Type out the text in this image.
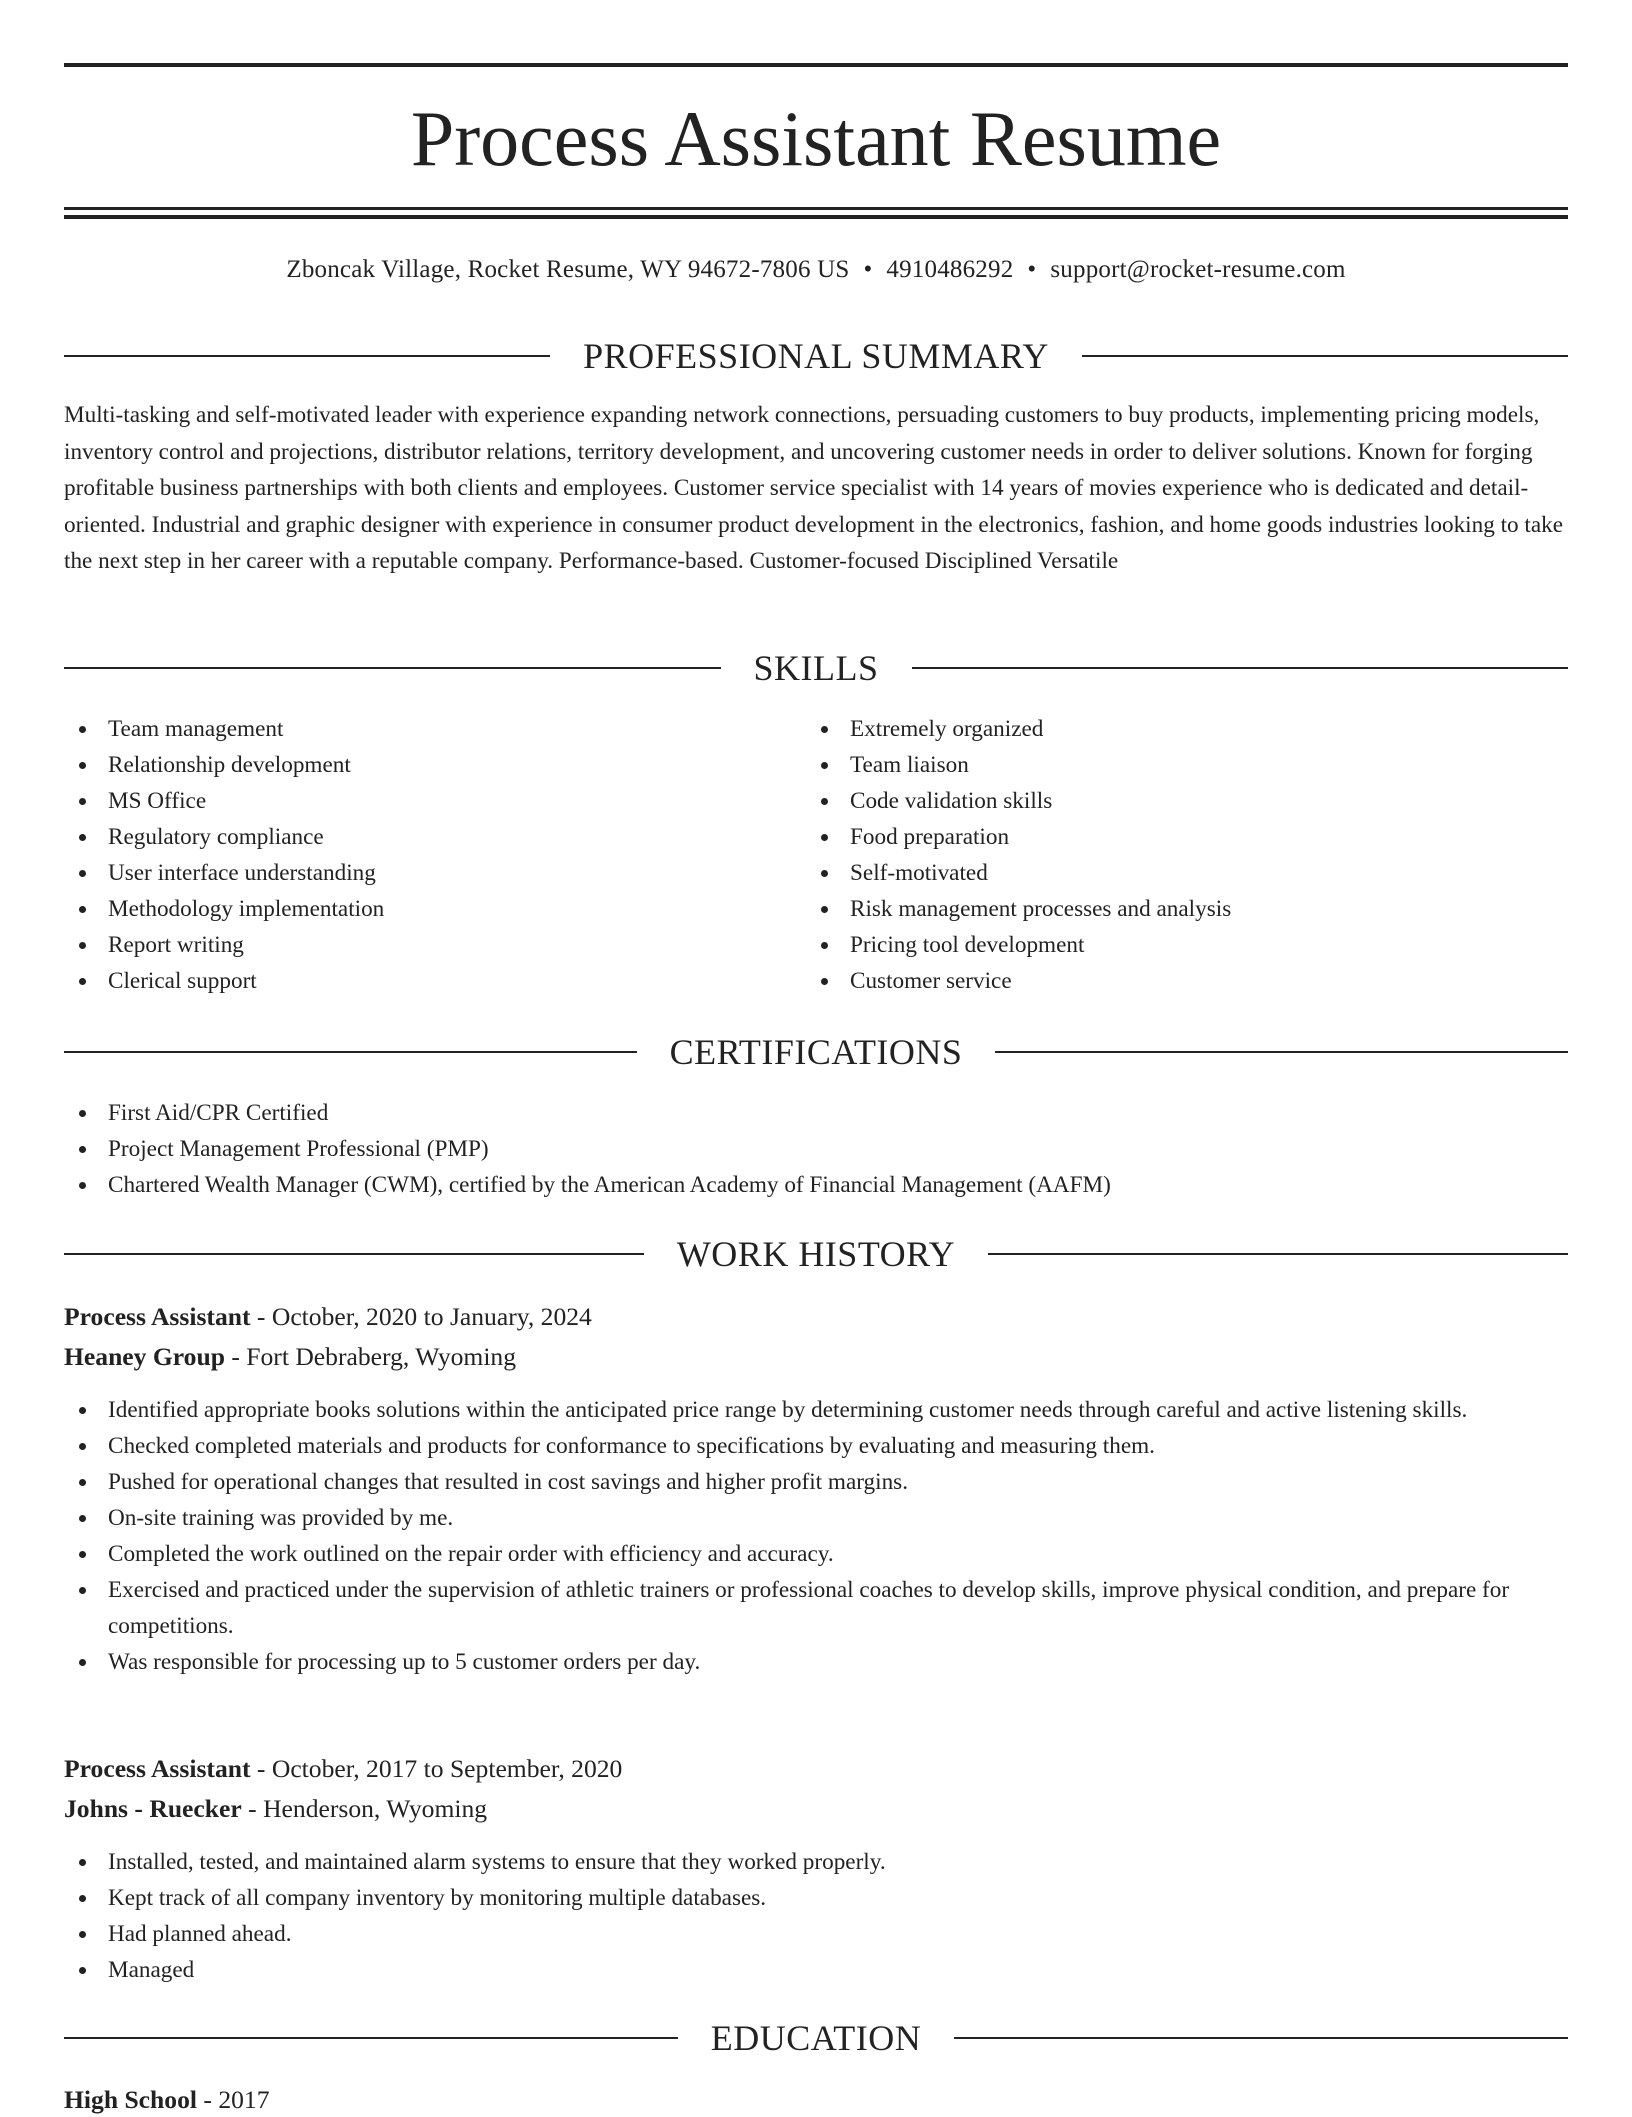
Process Assistant Resume
Zboncak Village, Rocket Resume, WY 94672-7806 US • 4910486292 • support@rocket-resume.com
PROFESSIONAL SUMMARY

Multi-tasking and self-motivated leader with experience expanding network connections, persuading customers to buy products, implementing pricing models, inventory control and projections, distributor relations, territory development, and uncovering customer needs in order to deliver solutions. Known for forging profitable business partnerships with both clients and employees. Customer service specialist with 14 years of movies experience who is dedicated and detail-oriented. Industrial and graphic designer with experience in consumer product development in the electronics, fashion, and home goods industries looking to take the next step in her career with a reputable company. Performance-based. Customer-focused Disciplined Versatile

SKILLS
Team management
Relationship development
MS Office
Regulatory compliance
User interface understanding
Methodology implementation
Report writing
Clerical support
Extremely organized
Team liaison
Code validation skills
Food preparation
Self-motivated
Risk management processes and analysis
Pricing tool development
Customer service
CERTIFICATIONS
First Aid/CPR Certified
Project Management Professional (PMP)
Chartered Wealth Manager (CWM), certified by the American Academy of Financial Management (AAFM)
WORK HISTORY
Process Assistant - October, 2020 to January, 2024
Heaney Group - Fort Debraberg, Wyoming
Identified appropriate books solutions within the anticipated price range by determining customer needs through careful and active listening skills.
Checked completed materials and products for conformance to specifications by evaluating and measuring them.
Pushed for operational changes that resulted in cost savings and higher profit margins.
On-site training was provided by me.
Completed the work outlined on the repair order with efficiency and accuracy.
Exercised and practiced under the supervision of athletic trainers or professional coaches to develop skills, improve physical condition, and prepare for competitions.
Was responsible for processing up to 5 customer orders per day.
Process Assistant - October, 2017 to September, 2020
Johns - Ruecker - Henderson, Wyoming
Installed, tested, and maintained alarm systems to ensure that they worked properly.
Kept track of all company inventory by monitoring multiple databases.
Had planned ahead.
Managed
EDUCATION
High School - 2017
